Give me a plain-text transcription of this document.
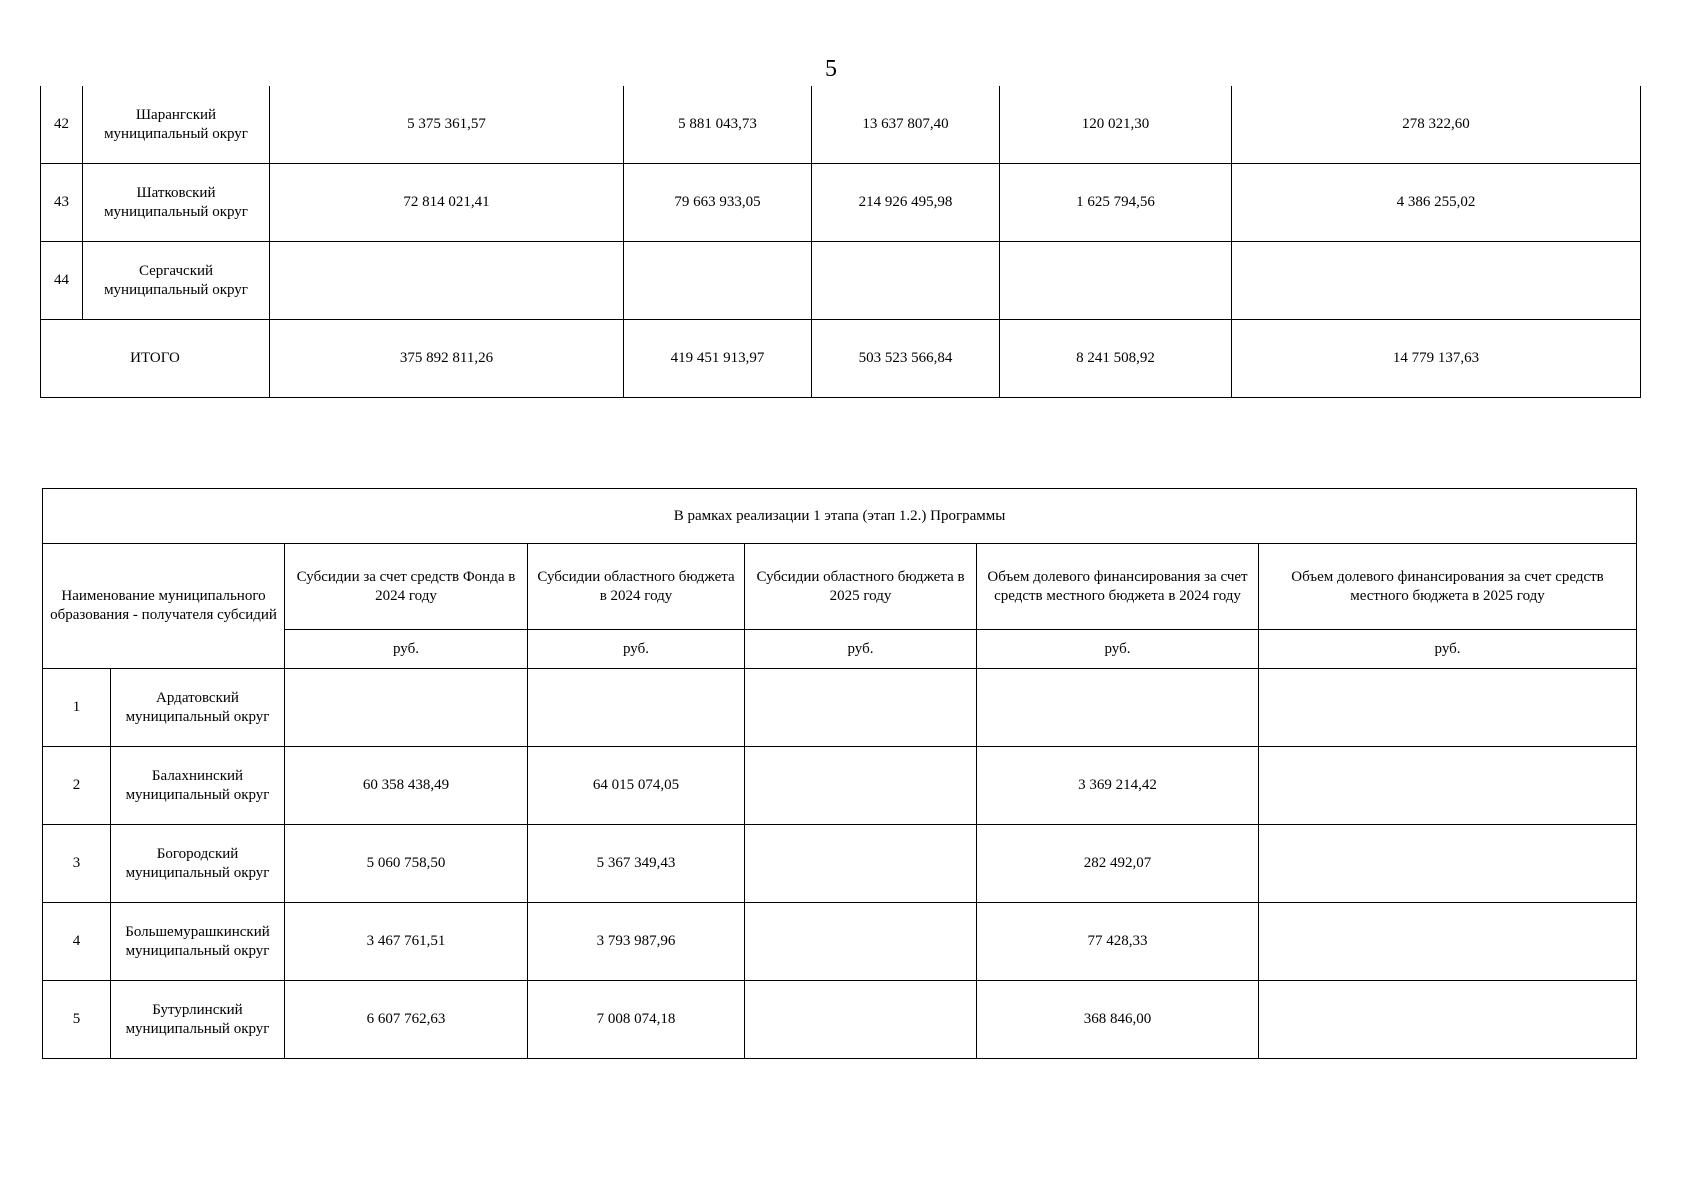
5
42	Шарангский муниципальный округ	5 375 361,57	5 881 043,73	13 637 807,40	120 021,30	278 322,60
43	Шатковский муниципальный округ	72 814 021,41	79 663 933,05	214 926 495,98	1 625 794,56	4 386 255,02
44	Сергачский муниципальный округ					
ИТОГО		375 892 811,26	419 451 913,97	503 523 566,84	8 241 508,92	14 779 137,63
В рамках реализации 1 этапа (этап 1.2.) Программы						
Наименование муниципального образования - получателя субсидий		Субсидии за счет средств Фонда в 2024 году	Субсидии областного бюджета в 2024 году	Субсидии областного бюджета в 2025 году	Объем долевого финансирования за счет средств местного бюджета в 2024 году	Объем долевого финансирования за счет средств местного бюджета в 2025 году
		руб.	руб.	руб.	руб.	руб.
1	Ардатовский муниципальный округ					
2	Балахнинский муниципальный округ	60 358 438,49	64 015 074,05		3 369 214,42	
3	Богородский муниципальный округ	5 060 758,50	5 367 349,43		282 492,07	
4	Большемурашкинский муниципальный округ	3 467 761,51	3 793 987,96		77 428,33	
5	Бутурлинский муниципальный округ	6 607 762,63	7 008 074,18		368 846,00	
